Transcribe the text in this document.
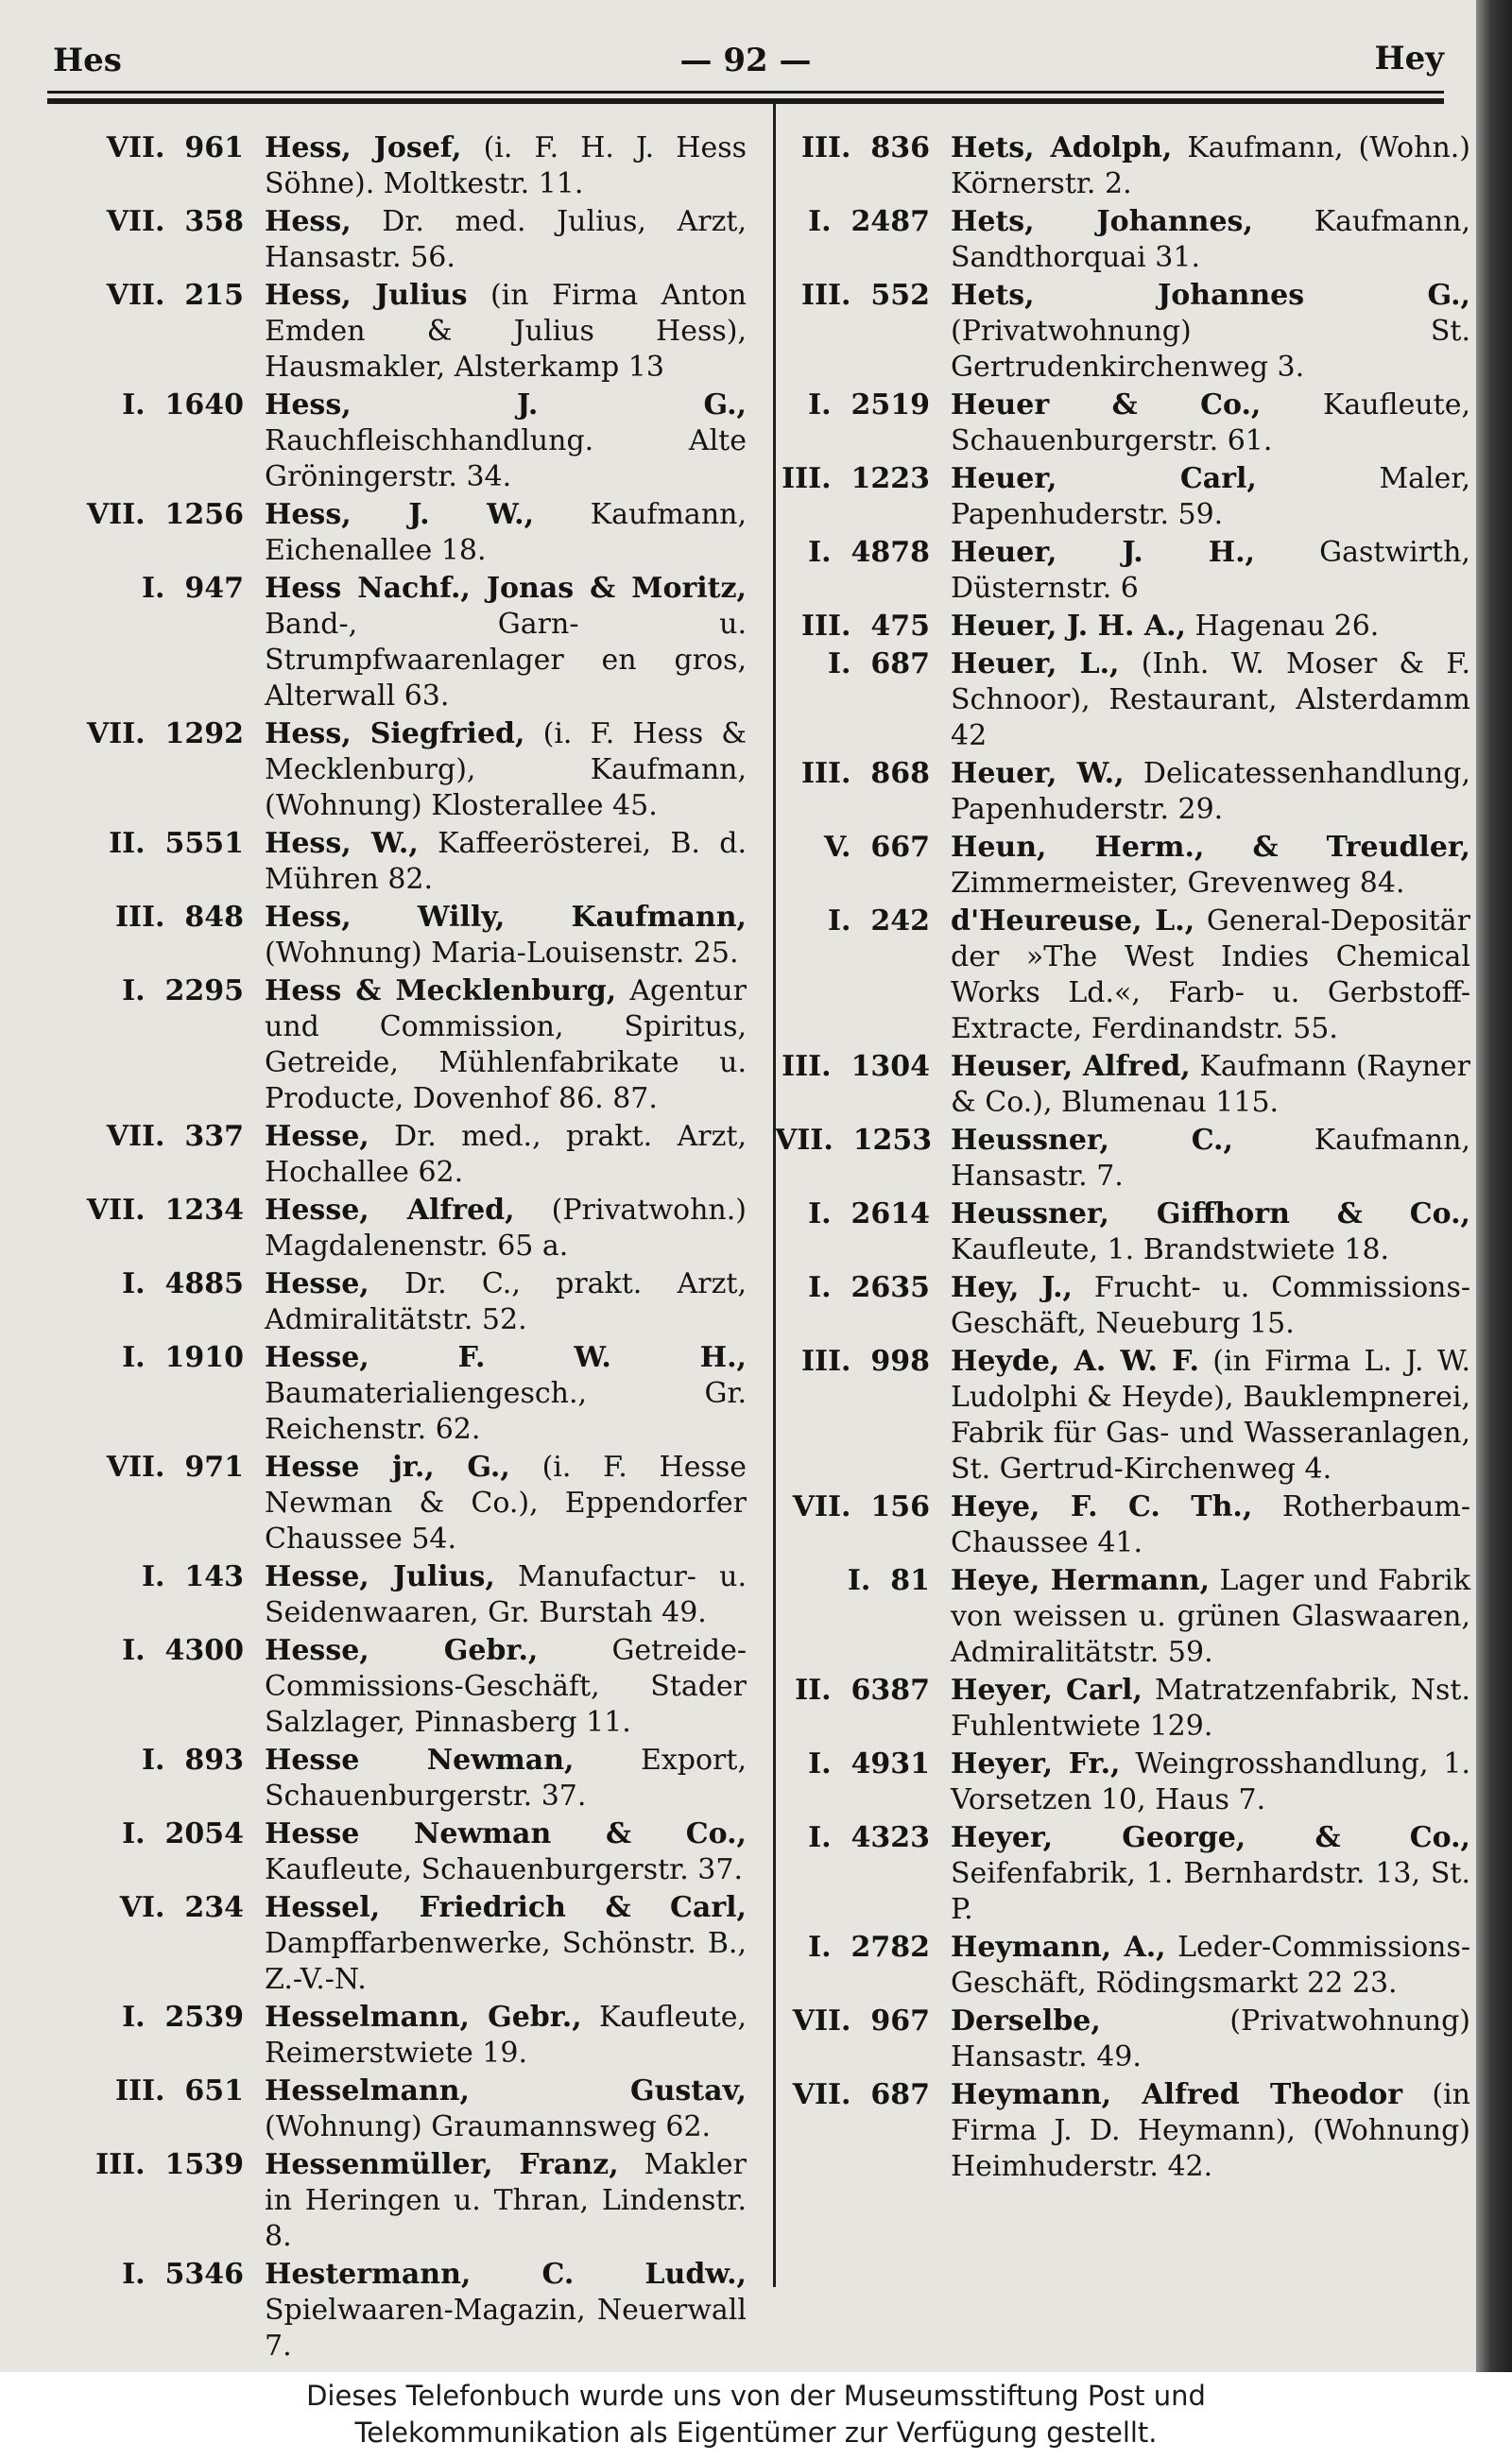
Hes	— 92 —	Hey
VII. 961 Hess, Josef, (i. F. H. J. Hess Söhne). Moltkestr. 11.
VII. 358 Hess, Dr. med. Julius, Arzt, Hansastr. 56.
VII. 215 Hess, Julius (in Firma Anton Emden & Julius Hess), Hausmakler, Alsterkamp 13
I. 1640 Hess, J. G., Rauchfleischhandlung. Alte Gröningerstr. 34.
VII. 1256 Hess, J. W., Kaufmann, Eichenallee 18.
I. 947 Hess Nachf., Jonas & Moritz, Band-, Garn- u. Strumpfwaarenlager en gros, Alterwall 63.
VII. 1292 Hess, Siegfried, (i. F. Hess & Mecklenburg), Kaufmann, (Wohnung) Klosterallee 45.
II. 5551 Hess, W., Kaffeerösterei, B. d. Mühren 82.
III. 848 Hess, Willy, Kaufmann, (Wohnung) Maria-Louisenstr. 25.
I. 2295 Hess & Mecklenburg, Agentur und Commission, Spiritus, Getreide, Mühlenfabrikate u. Producte, Dovenhof 86. 87.
VII. 337 Hesse, Dr. med., prakt. Arzt, Hochallee 62.
VII. 1234 Hesse, Alfred, (Privatwohn.) Magdalenenstr. 65 a.
I. 4885 Hesse, Dr. C., prakt. Arzt, Admiralitätstr. 52.
I. 1910 Hesse, F. W. H., Baumaterialiengesch., Gr. Reichenstr. 62.
VII. 971 Hesse jr., G., (i. F. Hesse Newman & Co.), Eppendorfer Chaussee 54.
I. 143 Hesse, Julius, Manufactur- u. Seidenwaaren, Gr. Burstah 49.
I. 4300 Hesse, Gebr.,	Getreide-Commissions-Geschäft, Stader Salzlager, Pinnasberg 11.
I. 893 Hesse Newman, Export, Schauenburgerstr. 37.
I. 2054 Hesse Newman & Co., Kaufleute, Schauenburgerstr. 37.
VI. 234 Hessel, Friedrich & Carl, Dampffarbenwerke, Schönstr. B., Z.-V.-N.
I. 2539 Hesselmann, Gebr., Kaufleute, Reimerstwiete 19.
III. 651 Hesselmann, Gustav, (Wohnung) Graumannsweg 62.
III. 1539 Hessenmüller, Franz, Makler in Heringen u. Thran, Lindenstr. 8.
I. 5346 Hestermann, C. Ludw., Spielwaaren-Magazin, Neuerwall 7.
III. 836 Hets, Adolph, Kaufmann, (Wohn.) Körnerstr. 2.
I. 2487 Hets, Johannes, Kaufmann, Sandthorquai 31.
III. 552 Hets, Johannes G., (Privatwohnung) St. Gertrudenkirchenweg 3.
I. 2519 Heuer & Co., Kaufleute, Schauenburgerstr. 61.
III. 1223 Heuer, Carl,	Maler, Papenhuderstr. 59.
I. 4878 Heuer, J. H., Gastwirth, Düsternstr. 6
III. 475 Heuer, J. H. A., Hagenau 26.
I. 687 Heuer, L., (Inh. W. Moser & F. Schnoor), Restaurant, Alsterdamm 42
III. 868 Heuer, W., Delicatessenhandlung, Papenhuderstr. 29.
V. 667 Heun, Herm., & Treudler, Zimmermeister, Grevenweg 84.
I. 242 d'Heureuse, L., General-Depositär der »The West Indies Chemical Works Ld.«, Farb- u. Gerbstoff-Extracte, Ferdinandstr. 55.
III. 1304 Heuser, Alfred, Kaufmann (Rayner & Co.), Blumenau 115.
VII. 1253 Heussner, C.,	Kaufmann, Hansastr. 7.
I. 2614 Heussner, Giffhorn & Co., Kaufleute, 1. Brandstwiete 18.
I. 2635 Hey, J., Frucht- u. Commissions-Geschäft, Neueburg 15.
III. 998 Heyde, A. W. F. (in Firma L. J. W. Ludolphi & Heyde), Bauklempnerei, Fabrik für Gas- und Wasseranlagen, St. Gertrud-Kirchenweg 4.
VII. 156 Heye, F. C. Th., Rotherbaum-Chaussee 41.
I. 81 Heye, Hermann, Lager und Fabrik von weissen u. grünen Glaswaaren, Admiralitätstr. 59.
II. 6387 Heyer, Carl, Matratzenfabrik, Nst. Fuhlentwiete 129.
I. 4931 Heyer, Fr., Weingrosshandlung, 1. Vorsetzen 10, Haus 7.
I. 4323 Heyer, George, & Co., Seifenfabrik, 1. Bernhardstr. 13, St. P.
I. 2782 Heymann, A., Leder-Commissions-Geschäft, Rödingsmarkt 22 23.
VII. 967 Derselbe,	(Privatwohnung) Hansastr. 49.
VII. 687 Heymann, Alfred Theodor (in Firma J. D. Heymann), (Wohnung) Heimhuderstr. 42.
Dieses Telefonbuch wurde uns von der Museumsstiftung Post und
Telekommunikation als Eigentümer zur Verfügung gestellt.
